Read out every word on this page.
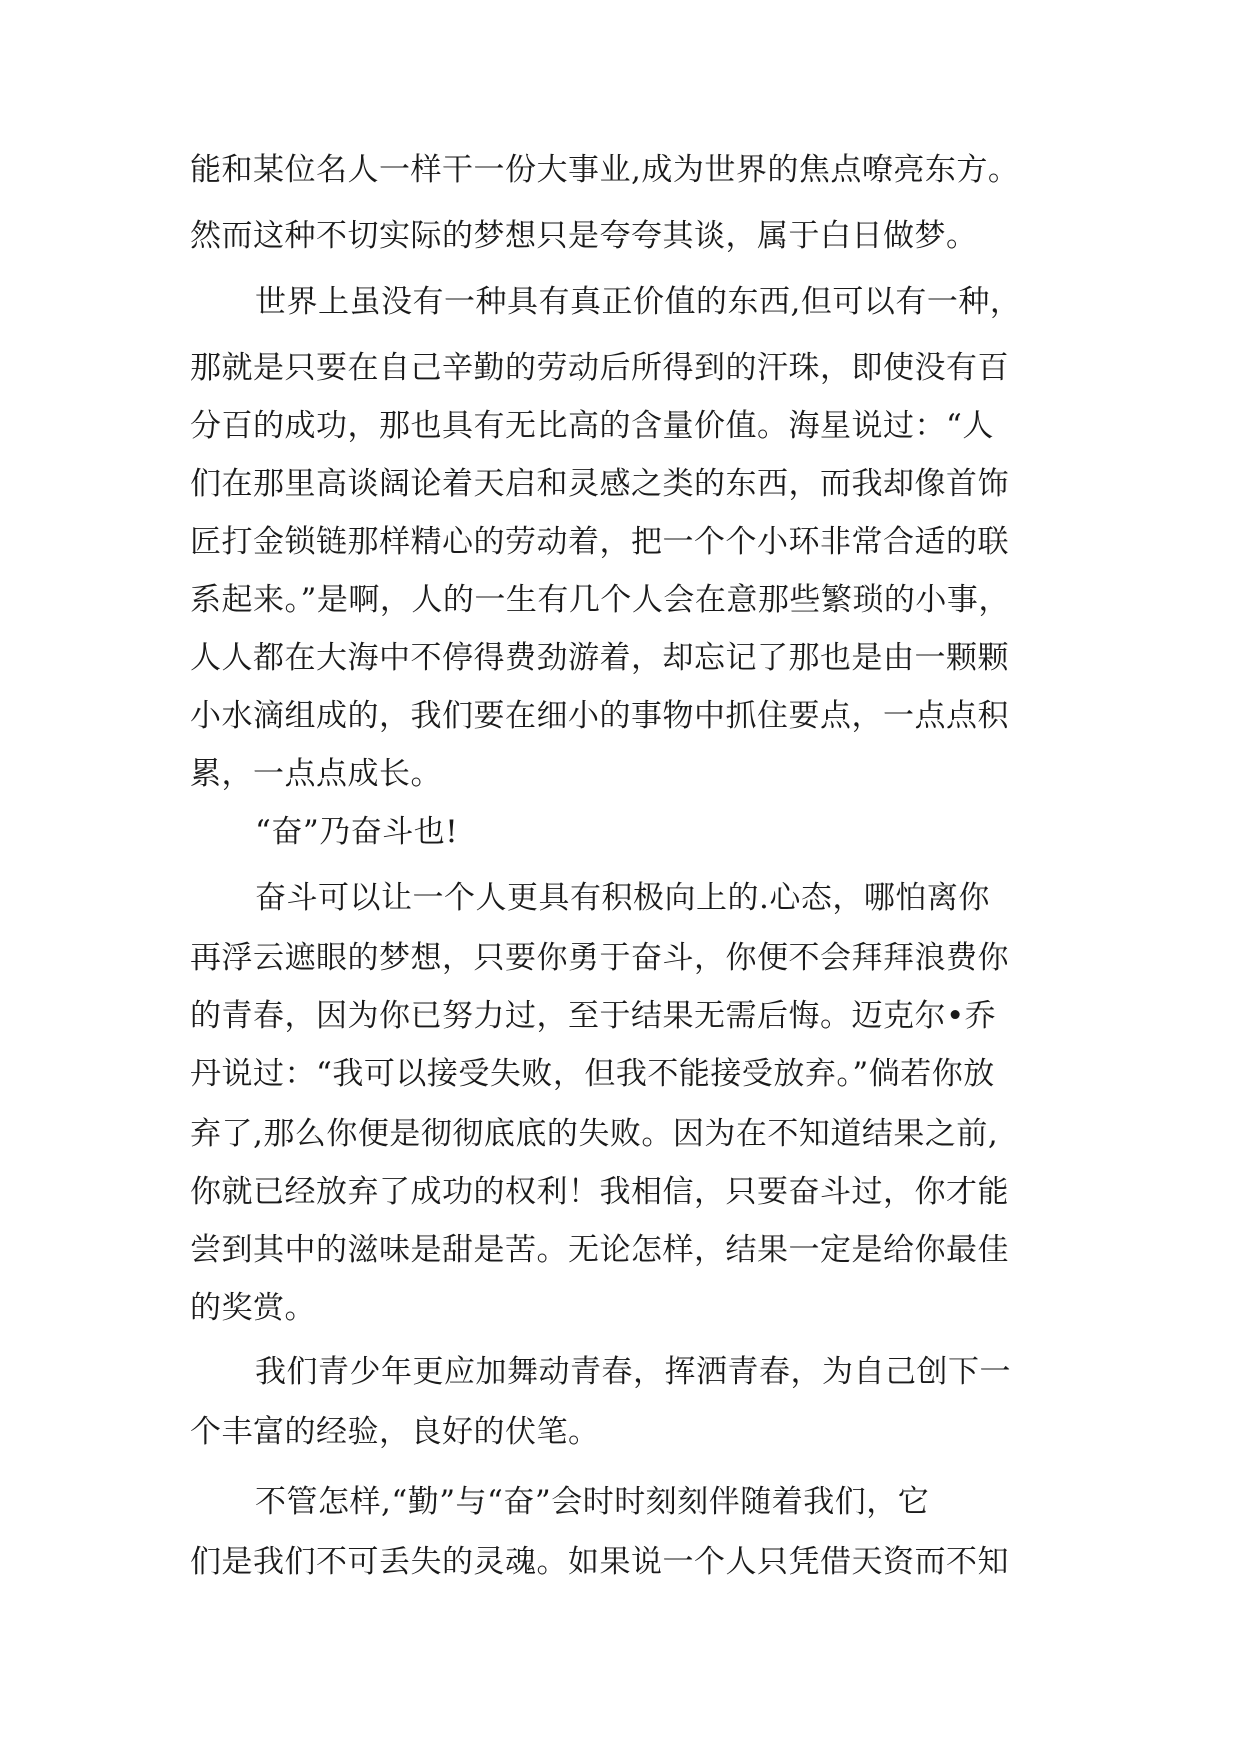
能和某位名人一样干一份大事业,成为世界的焦点嘹亮东方。
然而这种不切实际的梦想只是夸夸其谈，属于白日做梦。
世界上虽没有一种具有真正价值的东西,但可以有一种，
那就是只要在自己辛勤的劳动后所得到的汗珠，即使没有百
分百的成功，那也具有无比高的含量价值。海星说过：“人
们在那里高谈阔论着天启和灵感之类的东西，而我却像首饰
匠打金锁链那样精心的劳动着，把一个个小环非常合适的联
系起来。”是啊，人的一生有几个人会在意那些繁琐的小事，
人人都在大海中不停得费劲游着，却忘记了那也是由一颗颗
小水滴组成的，我们要在细小的事物中抓住要点，一点点积
累，一点点成长。
“奋”乃奋斗也!
奋斗可以让一个人更具有积极向上的.心态，哪怕离你
再浮云遮眼的梦想，只要你勇于奋斗，你便不会拜拜浪费你
的青春，因为你已努力过，至于结果无需后悔。迈克尔•乔
丹说过：“我可以接受失败，但我不能接受放弃。”倘若你放
弃了,那么你便是彻彻底底的失败。因为在不知道结果之前,
你就已经放弃了成功的权利！我相信，只要奋斗过，你才能
尝到其中的滋味是甜是苦。无论怎样，结果一定是给你最佳
的奖赏。
我们青少年更应加舞动青春，挥洒青春，为自己创下一
个丰富的经验，良好的伏笔。
不管怎样,“勤”与“奋”会时时刻刻伴随着我们，它
们是我们不可丢失的灵魂。如果说一个人只凭借天资而不知
